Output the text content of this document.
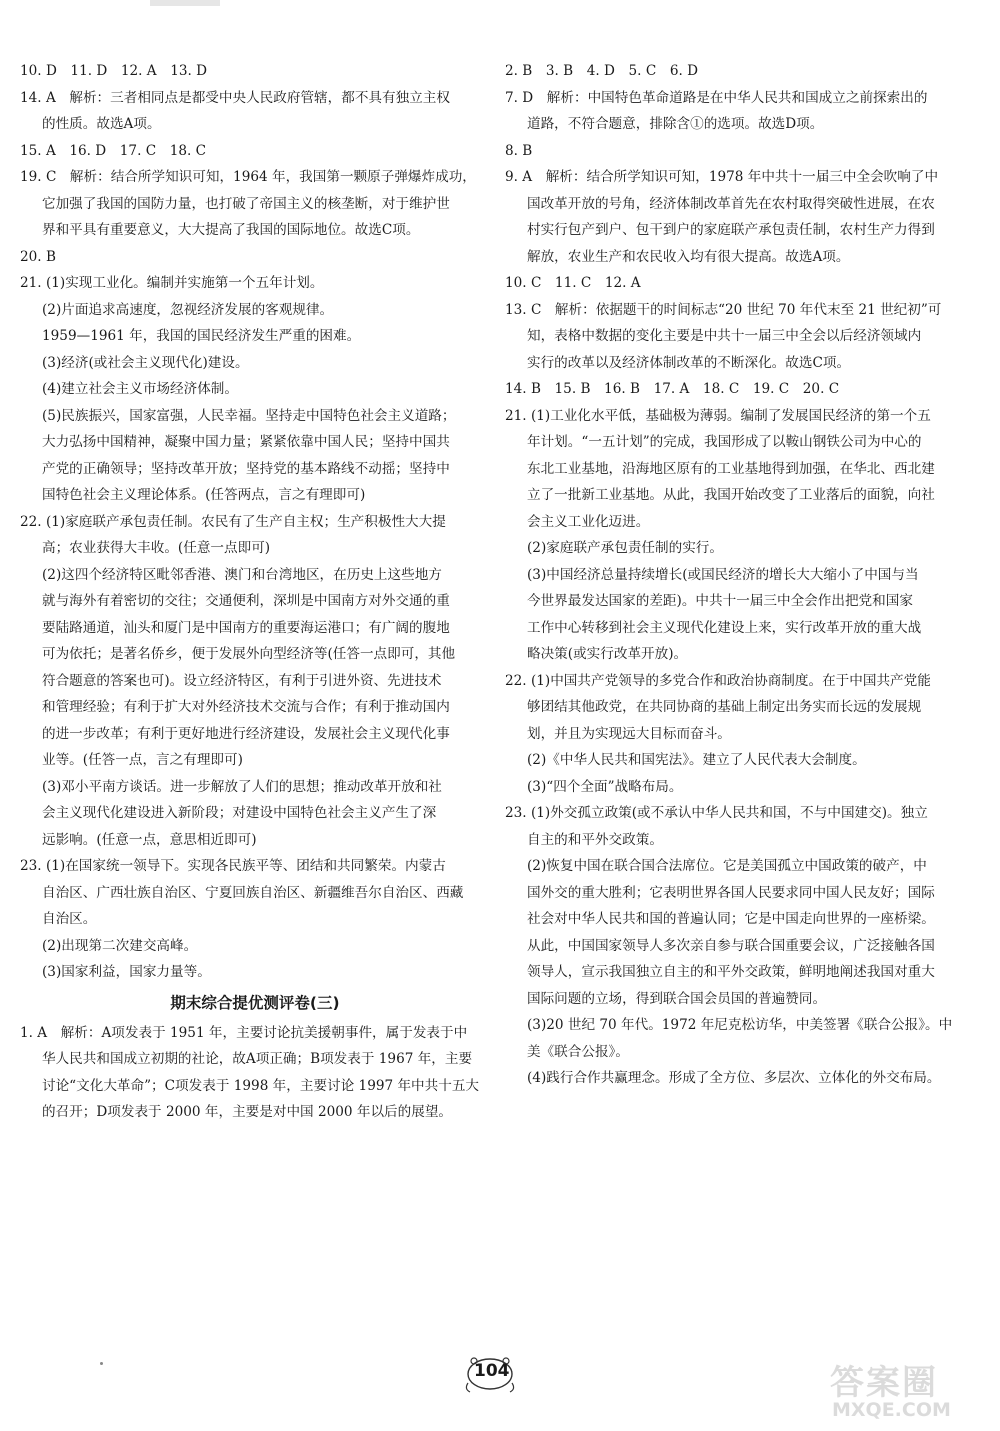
10. D　11. D　12. A　13. D

14. A　解析：三者相同点是都受中央人民政府管辖，都不具有独立主权

的性质。故选A项。

15. A　16. D　17. C　18. C

19. C　解析：结合所学知识可知，1964 年，我国第一颗原子弹爆炸成功，

它加强了我国的国防力量，也打破了帝国主义的核垄断，对于维护世

界和平具有重要意义，大大提高了我国的国际地位。故选C项。

20. B

21. (1)实现工业化。编制并实施第一个五年计划。

(2)片面追求高速度，忽视经济发展的客观规律。

1959—1961 年，我国的国民经济发生严重的困难。

(3)经济(或社会主义现代化)建设。

(4)建立社会主义市场经济体制。

(5)民族振兴，国家富强，人民幸福。坚持走中国特色社会主义道路；

大力弘扬中国精神，凝聚中国力量；紧紧依靠中国人民；坚持中国共

产党的正确领导；坚持改革开放；坚持党的基本路线不动摇；坚持中

国特色社会主义理论体系。(任答两点，言之有理即可)

22. (1)家庭联产承包责任制。农民有了生产自主权；生产积极性大大提

高；农业获得大丰收。(任意一点即可)

(2)这四个经济特区毗邻香港、澳门和台湾地区，在历史上这些地方

就与海外有着密切的交往；交通便利，深圳是中国南方对外交通的重

要陆路通道，汕头和厦门是中国南方的重要海运港口；有广阔的腹地

可为依托；是著名侨乡，便于发展外向型经济等(任答一点即可，其他

符合题意的答案也可)。设立经济特区，有利于引进外资、先进技术

和管理经验；有利于扩大对外经济技术交流与合作；有利于推动国内

的进一步改革；有利于更好地进行经济建设，发展社会主义现代化事

业等。(任答一点，言之有理即可)

(3)邓小平南方谈话。进一步解放了人们的思想；推动改革开放和社

会主义现代化建设进入新阶段；对建设中国特色社会主义产生了深

远影响。(任意一点，意思相近即可)

23. (1)在国家统一领导下。实现各民族平等、团结和共同繁荣。内蒙古

自治区、广西壮族自治区、宁夏回族自治区、新疆维吾尔自治区、西藏

自治区。

(2)出现第二次建交高峰。

(3)国家利益，国家力量等。

期末综合提优测评卷(三)

1. A　解析：A项发表于 1951 年，主要讨论抗美援朝事件，属于发表于中

华人民共和国成立初期的社论，故A项正确；B项发表于 1967 年，主要

讨论“文化大革命”；C项发表于 1998 年，主要讨论 1997 年中共十五大

的召开；D项发表于 2000 年，主要是对中国 2000 年以后的展望。

2. B　3. B　4. D　5. C　6. D

7. D　解析：中国特色革命道路是在中华人民共和国成立之前探索出的

道路，不符合题意，排除含①的选项。故选D项。

8. B

9. A　解析：结合所学知识可知，1978 年中共十一届三中全会吹响了中

国改革开放的号角，经济体制改革首先在农村取得突破性进展，在农

村实行包产到户、包干到户的家庭联产承包责任制，农村生产力得到

解放，农业生产和农民收入均有很大提高。故选A项。

10. C　11. C　12. A

13. C　解析：依据题干的时间标志“20 世纪 70 年代末至 21 世纪初”可

知，表格中数据的变化主要是中共十一届三中全会以后经济领域内

实行的改革以及经济体制改革的不断深化。故选C项。

14. B　15. B　16. B　17. A　18. C　19. C　20. C

21. (1)工业化水平低，基础极为薄弱。编制了发展国民经济的第一个五

年计划。“一五计划”的完成，我国形成了以鞍山钢铁公司为中心的

东北工业基地，沿海地区原有的工业基地得到加强，在华北、西北建

立了一批新工业基地。从此，我国开始改变了工业落后的面貌，向社

会主义工业化迈进。

(2)家庭联产承包责任制的实行。

(3)中国经济总量持续增长(或国民经济的增长大大缩小了中国与当

今世界最发达国家的差距)。中共十一届三中全会作出把党和国家

工作中心转移到社会主义现代化建设上来，实行改革开放的重大战

略决策(或实行改革开放)。

22. (1)中国共产党领导的多党合作和政治协商制度。在于中国共产党能

够团结其他政党，在共同协商的基础上制定出务实而长远的发展规

划，并且为实现远大目标而奋斗。

(2)《中华人民共和国宪法》。建立了人民代表大会制度。

(3)“四个全面”战略布局。

23. (1)外交孤立政策(或不承认中华人民共和国，不与中国建交)。独立

自主的和平外交政策。

(2)恢复中国在联合国合法席位。它是美国孤立中国政策的破产，中

国外交的重大胜利；它表明世界各国人民要求同中国人民友好；国际

社会对中华人民共和国的普遍认同；它是中国走向世界的一座桥梁。

从此，中国国家领导人多次亲自参与联合国重要会议，广泛接触各国

领导人，宣示我国独立自主的和平外交政策，鲜明地阐述我国对重大

国际问题的立场，得到联合国会员国的普遍赞同。

(3)20 世纪 70 年代。1972 年尼克松访华，中美签署《联合公报》。中

美《联合公报》。

(4)践行合作共赢理念。形成了全方位、多层次、立体化的外交布局。

104	答案圈
MXQE.COM
